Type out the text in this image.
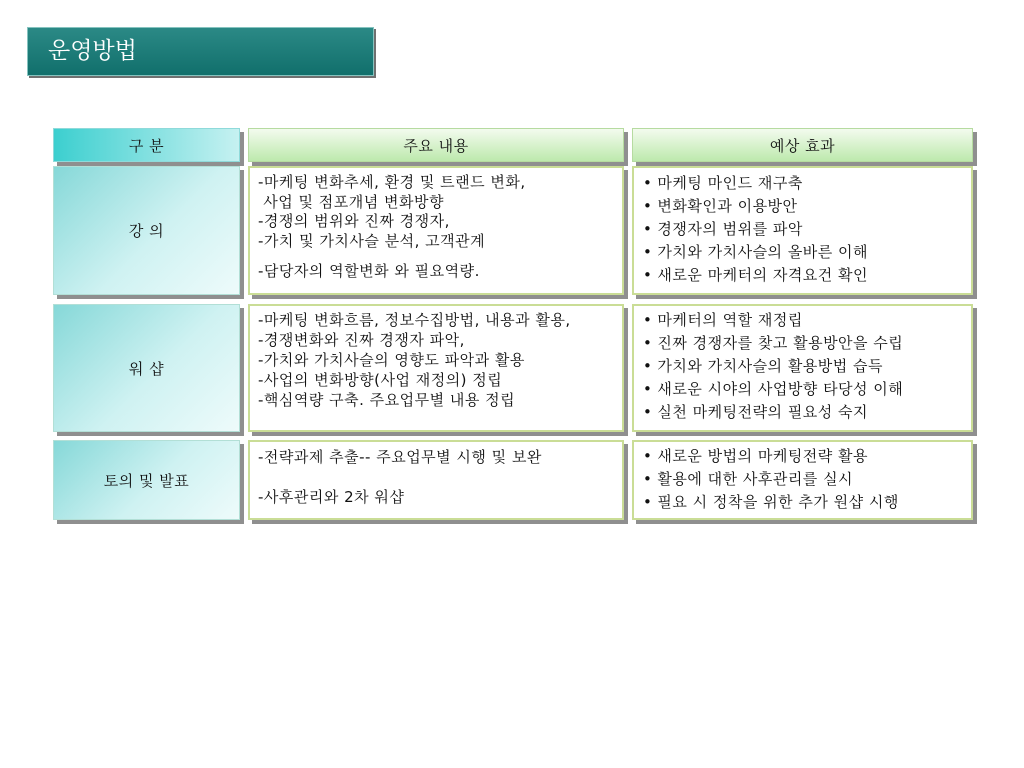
운영방법
구 분	주요 내용	예상 효과
강 의
-마케팅 변화추세, 환경 및 트랜드 변화,
사업 및 점포개념 변화방향
-경쟁의 범위와 진짜 경쟁자,
-가치 및 가치사슬 분석, 고객관계
-담당자의 역할변화 와 필요역량.
• 마케팅 마인드 재구축
• 변화확인과 이용방안
• 경쟁자의 범위를 파악
• 가치와 가치사슬의 올바른 이해
• 새로운 마케터의 자격요건 확인
워 샵
-마케팅 변화흐름, 정보수집방법, 내용과 활용,
-경쟁변화와 진짜 경쟁자 파악,
-가치와 가치사슬의 영향도 파악과 활용
-사업의 변화방향(사업 재정의) 정립
-핵심역량 구축. 주요업무별 내용 정립
• 마케터의 역할 재정립
• 진짜 경쟁자를 찾고 활용방안을 수립
• 가치와 가치사슬의 활용방법 습득
• 새로운 시야의 사업방향 타당성 이해
• 실천 마케팅전략의 필요성 숙지
토의 및 발표
-전략과제 추출-- 주요업무별 시행 및 보완
-사후관리와 2차 워샵
• 새로운 방법의 마케팅전략 활용
• 활용에 대한 사후관리를 실시
• 필요 시 정착을 위한 추가 원샵 시행
